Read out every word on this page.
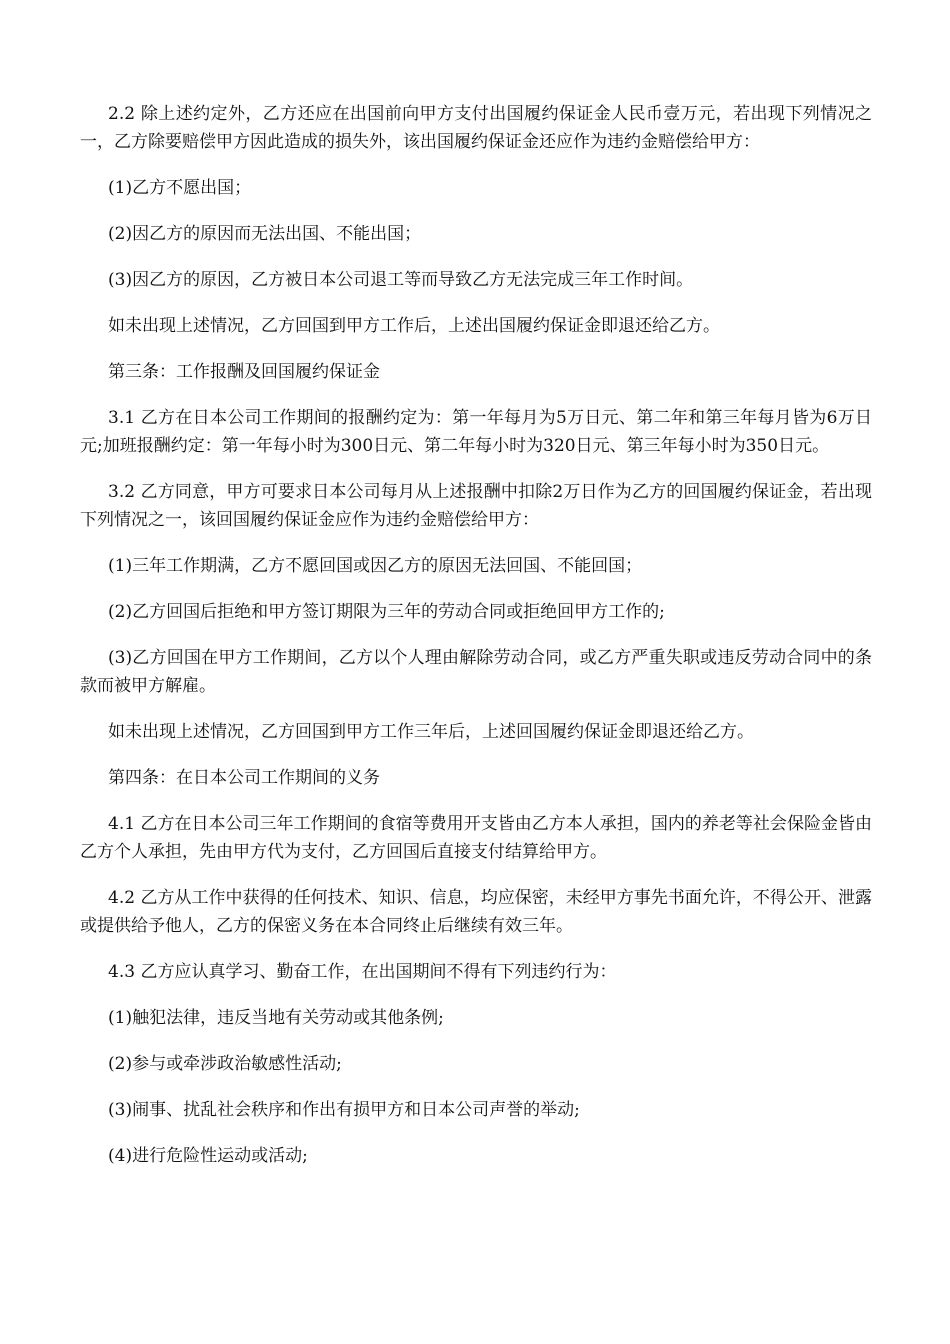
2.2 除上述约定外，乙方还应在出国前向甲方支付出国履约保证金人民币壹万元，若出现下列情况之一，乙方除要赔偿甲方因此造成的损失外，该出国履约保证金还应作为违约金赔偿给甲方：

(1)乙方不愿出国；

(2)因乙方的原因而无法出国、不能出国；

(3)因乙方的原因，乙方被日本公司退工等而导致乙方无法完成三年工作时间。

如未出现上述情况，乙方回国到甲方工作后，上述出国履约保证金即退还给乙方。

第三条：工作报酬及回国履约保证金

3.1 乙方在日本公司工作期间的报酬约定为：第一年每月为5万日元、第二年和第三年每月皆为6万日元;加班报酬约定：第一年每小时为300日元、第二年每小时为320日元、第三年每小时为350日元。

3.2 乙方同意，甲方可要求日本公司每月从上述报酬中扣除2万日作为乙方的回国履约保证金，若出现下列情况之一，该回国履约保证金应作为违约金赔偿给甲方：

(1)三年工作期满，乙方不愿回国或因乙方的原因无法回国、不能回国；

(2)乙方回国后拒绝和甲方签订期限为三年的劳动合同或拒绝回甲方工作的;

(3)乙方回国在甲方工作期间，乙方以个人理由解除劳动合同，或乙方严重失职或违反劳动合同中的条款而被甲方解雇。

如未出现上述情况，乙方回国到甲方工作三年后，上述回国履约保证金即退还给乙方。

第四条：在日本公司工作期间的义务

4.1 乙方在日本公司三年工作期间的食宿等费用开支皆由乙方本人承担，国内的养老等社会保险金皆由乙方个人承担，先由甲方代为支付，乙方回国后直接支付结算给甲方。

4.2 乙方从工作中获得的任何技术、知识、信息，均应保密，未经甲方事先书面允许，不得公开、泄露或提供给予他人，乙方的保密义务在本合同终止后继续有效三年。

4.3 乙方应认真学习、勤奋工作，在出国期间不得有下列违约行为：

(1)触犯法律，违反当地有关劳动或其他条例;

(2)参与或牵涉政治敏感性活动;

(3)闹事、扰乱社会秩序和作出有损甲方和日本公司声誉的举动;

(4)进行危险性运动或活动;
